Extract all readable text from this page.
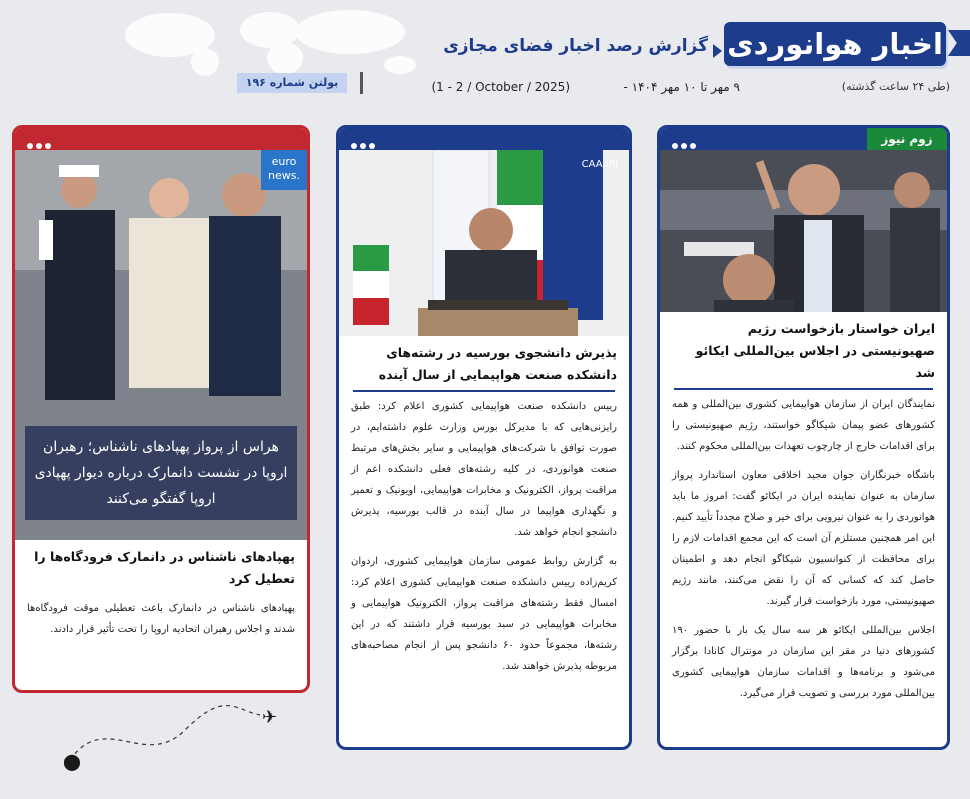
اخبار هوانوردی
گزارش رصد اخبار فضای مجازی
(طی ۲۴ ساعت گذشته)
۹ مهر تا ۱۰ مهر ۱۴۰۴ -
(1 - 2 / October / 2025)
بولتن شماره ۱۹۶
زوم نیوز
ایران خواستار بازخواست رژیم صهیونیستی در اجلاس بین‌المللی ایکائو شد
نمایندگان ایران از سازمان هواپیمایی کشوری بین‌المللی و همه کشورهای عضو پیمان شیکاگو خواستند، رژیم صهیونیستی را برای اقدامات خارج از چارچوب تعهدات بین‌المللی محکوم کنند.
باشگاه خبرنگاران جوان مجید اخلاقی معاون استاندارد پرواز سازمان به عنوان نماینده ایران در ایکائو گفت: امروز ما باید هوانوردی را به عنوان نیرویی برای خیر و صلاح مجدداً تأیید کنیم. این امر همچنین مستلزم آن است که این مجمع اقدامات لازم را برای محافظت از کنوانسیون شیکاگو انجام دهد و اطمینان حاصل کند که کسانی که آن را نقض می‌کنند، مانند رژیم صهیونیستی، مورد بازخواست قرار گیرند.
اجلاس بین‌المللی ایکائو هر سه سال یک بار با حضور ۱۹۰ کشورهای دنیا در مقر این سازمان در مونترال کانادا برگزار می‌شود و برنامه‌ها و اقدامات سازمان هواپیمایی کشوری بین‌المللی مورد بررسی و تصویب قرار می‌گیرد.
CAA.IRI
پذیرش دانشجوی بورسیه در رشته‌های دانشکده صنعت هواپیمایی از سال آینده
رییس دانشکده صنعت هواپیمایی کشوری اعلام کرد: طبق رایزنی‌هایی که با مدیرکل بورس وزارت علوم داشته‌ایم، در صورت توافق با شرکت‌های هواپیمایی و سایر بخش‌های مرتبط صنعت هوانوردی، در کلیه رشته‌های فعلی دانشکده اعم از مراقبت پرواز، الکترونیک و مخابرات هواپیمایی، اویونیک و تعمیر و نگهداری هواپیما در سال آینده در قالب بورسیه، پذیرش دانشجو انجام خواهد شد.
به گزارش روابط عمومی سازمان هواپیمایی کشوری، اردوان کریم‌زاده رییس دانشکده صنعت هواپیمایی کشوری اعلام کرد: امسال فقط رشته‌های مراقبت پرواز، الکترونیک هواپیمایی و مخابرات هواپیمایی در سبد بورسیه قرار داشتند که در این رشته‌ها، مجموعاً حدود ۶۰ دانشجو پس از انجام مصاحبه‌های مربوطه پذیرش خواهند شد.
euro
news.
هراس از پرواز پهپادهای ناشناس؛ رهبران اروپا در نشست دانمارک درباره دیوار پهپادی اروپا گفتگو می‌کنند
پهپادهای ناشناس در دانمارک فرودگاه‌ها را تعطیل کرد
پهپادهای ناشناس در دانمارک باعث تعطیلی موقت فرودگاه‌ها شدند و اجلاس رهبران اتحادیه اروپا را تحت تأثیر قرار دادند.
✈
⬤
